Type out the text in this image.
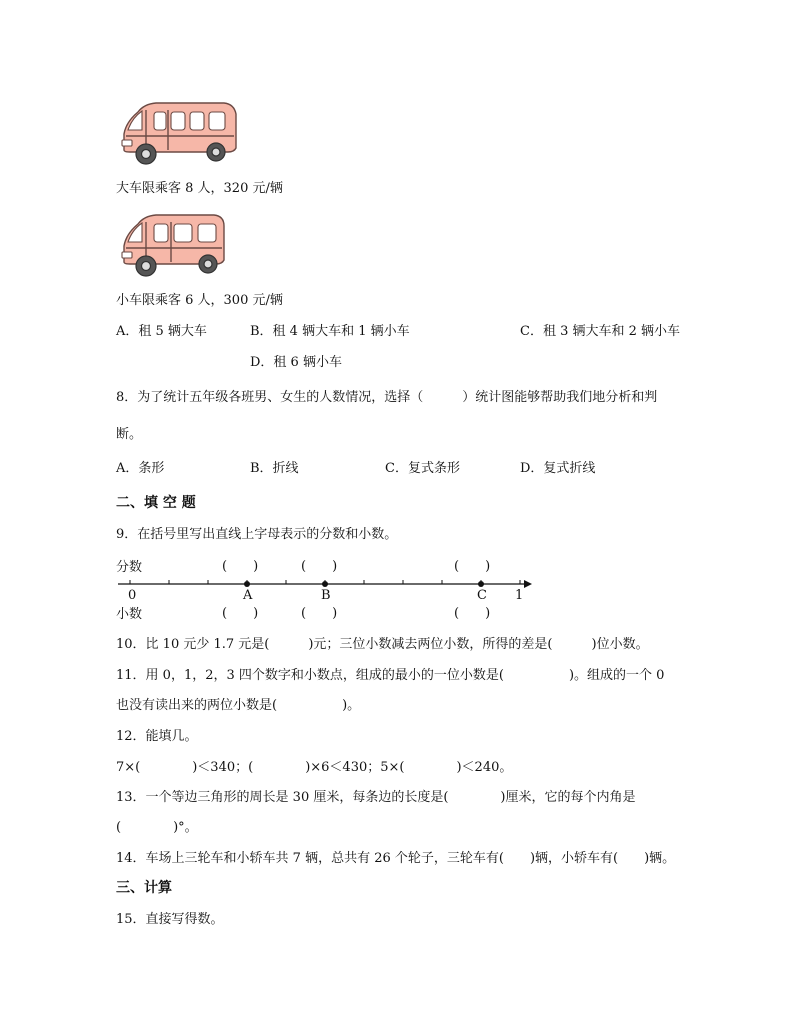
大车限乘客 8 人，320 元/辆
小车限乘客 6 人，300 元/辆
A．租 5 辆大车	B．租 4 辆大车和 1 辆小车	C．租 3 辆大车和 2 辆小车
D．租 6 辆小车
8．为了统计五年级各班男、女生的人数情况，选择（　　　）统计图能够帮助我们地分析和判
断。
A．条形	B．折线	C．复式条形	D．复式折线
二、填 空 题
9．在括号里写出直线上字母表示的分数和小数。
分数	(　　)	(　　)	(　　)
0	A	B	C 1
小数	(　　)	(　　)	(　　)
10．比 10 元少 1.7 元是(　　　)元；三位小数减去两位小数，所得的差是(　　　)位小数。
11．用 0，1，2，3 四个数字和小数点，组成的最小的一位小数是(　　　　　)。组成的一个 0
也没有读出来的两位小数是(　　　　　)。
12．能填几。
7×(　　　　)＜340；(　　　　)×6＜430；5×(　　　　)＜240。
13．一个等边三角形的周长是 30 厘米，每条边的长度是(　　　　)厘米，它的每个内角是
(　　　　)°。
14．车场上三轮车和小轿车共 7 辆，总共有 26 个轮子，三轮车有(　　)辆，小轿车有(　　)辆。
三、计算
15．直接写得数。
